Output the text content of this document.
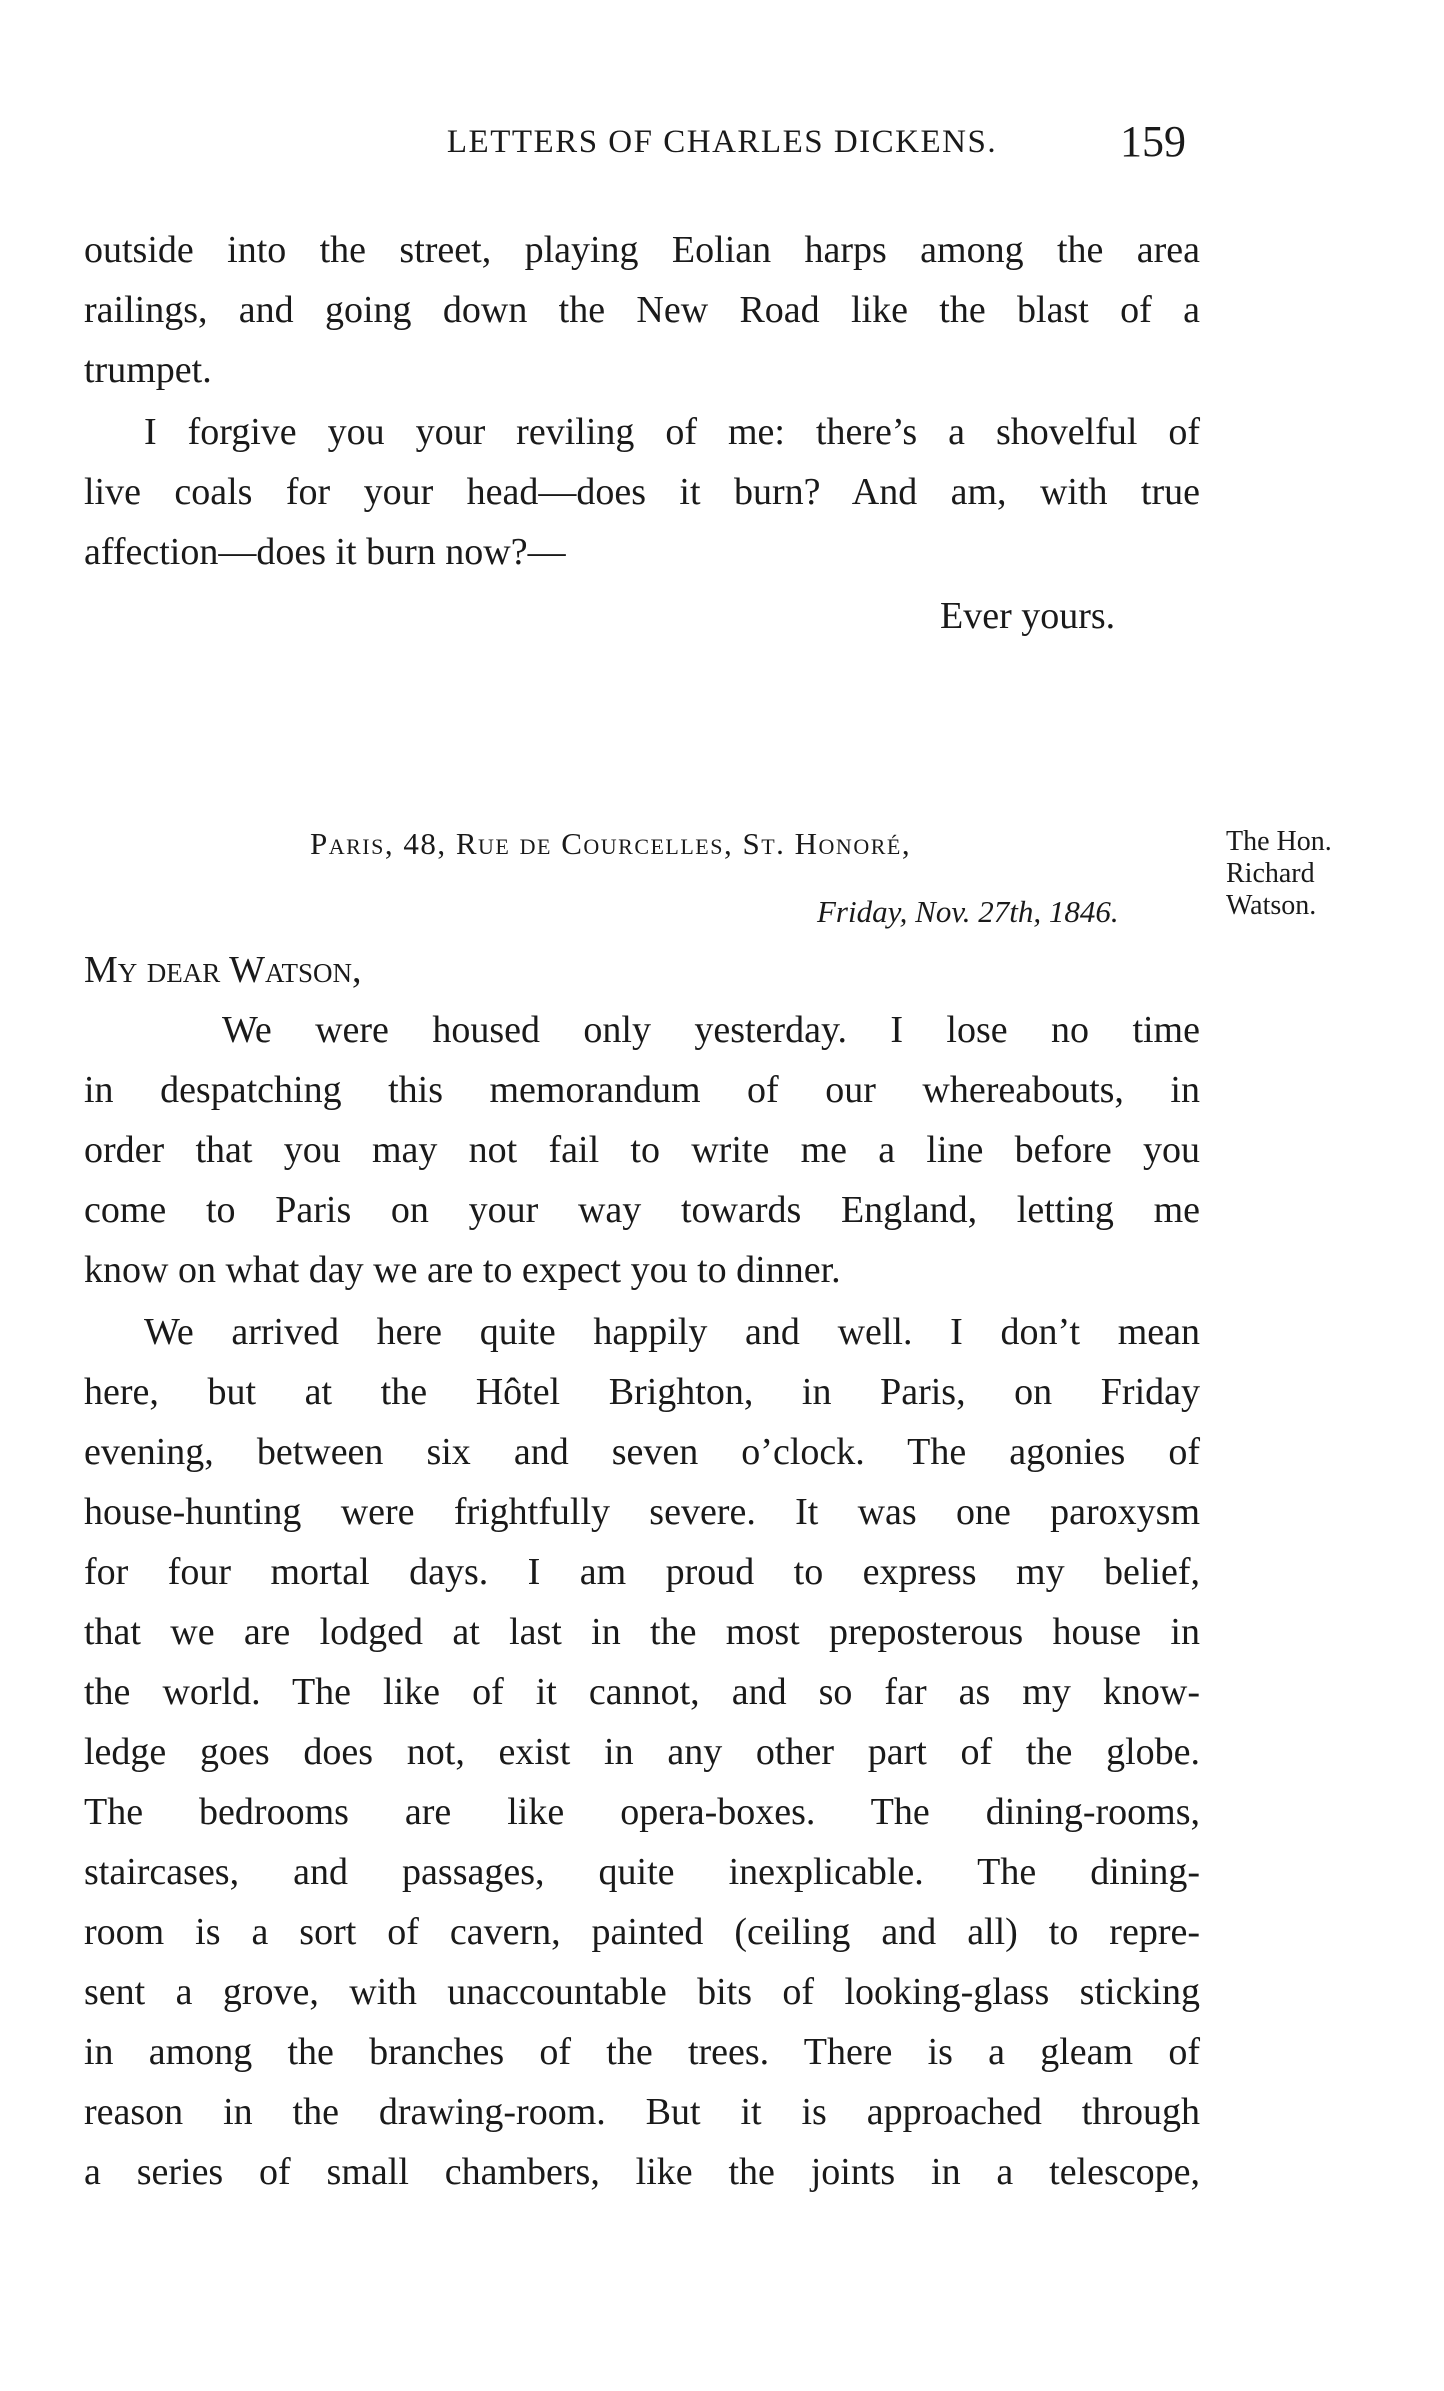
LETTERS OF CHARLES DICKENS.	159
outside into the street, playing Eolian harps among the area
railings, and going down the New Road like the blast of a
trumpet.
I forgive you your reviling of me: there’s a shovelful of
live coals for your head—does it burn? And am, with true
affection—does it burn now?—
Ever yours.
Paris, 48, Rue de Courcelles, St. Honoré,
Friday, Nov. 27th, 1846.
The Hon.
Richard
Watson.
My dear Watson,
We were housed only yesterday. I lose no time
in despatching this memorandum of our whereabouts, in
order that you may not fail to write me a line before you
come to Paris on your way towards England, letting me
know on what day we are to expect you to dinner.
We arrived here quite happily and well. I don’t mean
here, but at the Hôtel Brighton, in Paris, on Friday
evening, between six and seven o’clock. The agonies of
house-hunting were frightfully severe. It was one paroxysm
for four mortal days. I am proud to express my belief,
that we are lodged at last in the most preposterous house in
the world. The like of it cannot, and so far as my know-
ledge goes does not, exist in any other part of the globe.
The bedrooms are like opera-boxes. The dining-rooms,
staircases, and passages, quite inexplicable. The dining-
room is a sort of cavern, painted (ceiling and all) to repre-
sent a grove, with unaccountable bits of looking-glass sticking
in among the branches of the trees. There is a gleam of
reason in the drawing-room. But it is approached through
a series of small chambers, like the joints in a telescope,
